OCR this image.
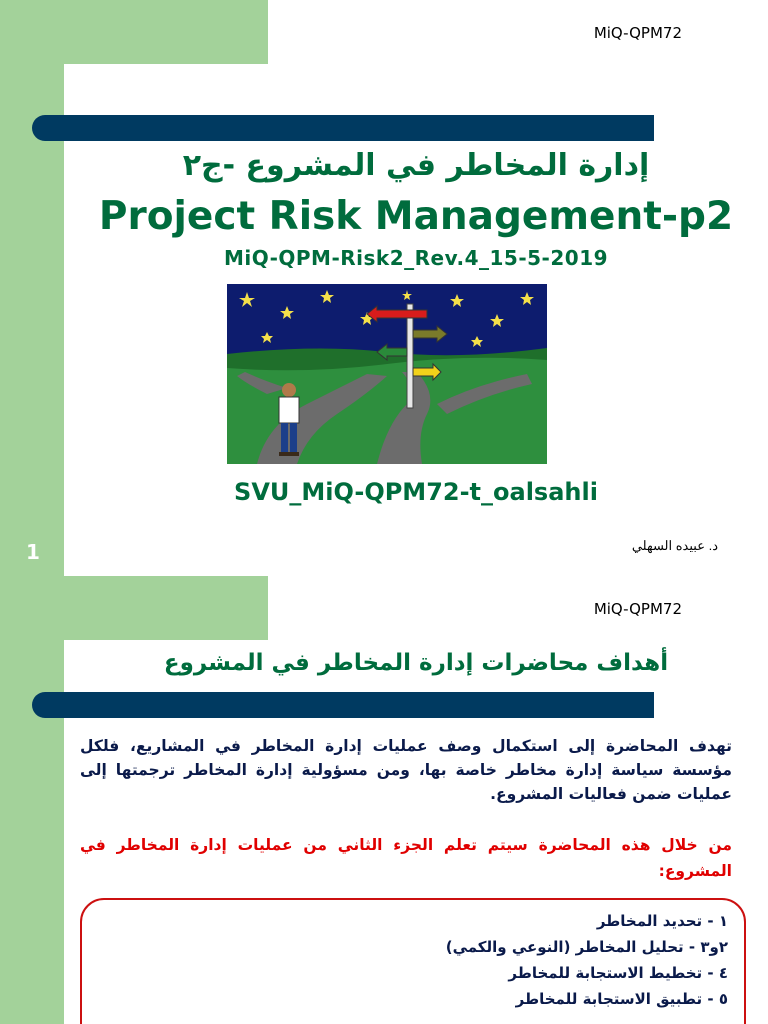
MiQ-QPM72
إدارة المخاطر في المشروع -ج٢
Project Risk Management-p2
MiQ-QPM-Risk2_Rev.4_15-5-2019
SVU_MiQ-QPM72-t_oalsahli
د. عبيده السهلي
1
MiQ-QPM72
أهداف محاضرات إدارة المخاطر في المشروع
تهدف المحاضرة إلى استكمال وصف عمليات إدارة المخاطر في المشاريع، فلكل مؤسسة سياسة إدارة مخاطر خاصة بها، ومن مسؤولية إدارة المخاطر ترجمتها إلى عمليات ضمن فعاليات المشروع.
من خلال هذه المحاضرة سيتم تعلم الجزء الثاني من عمليات إدارة المخاطر في المشروع:
١ - تحديد المخاطر
٢و٣ - تحليل المخاطر (النوعي والكمي)
٤ - تخطيط الاستجابة للمخاطر
٥ - تطبيق الاستجابة للمخاطر
